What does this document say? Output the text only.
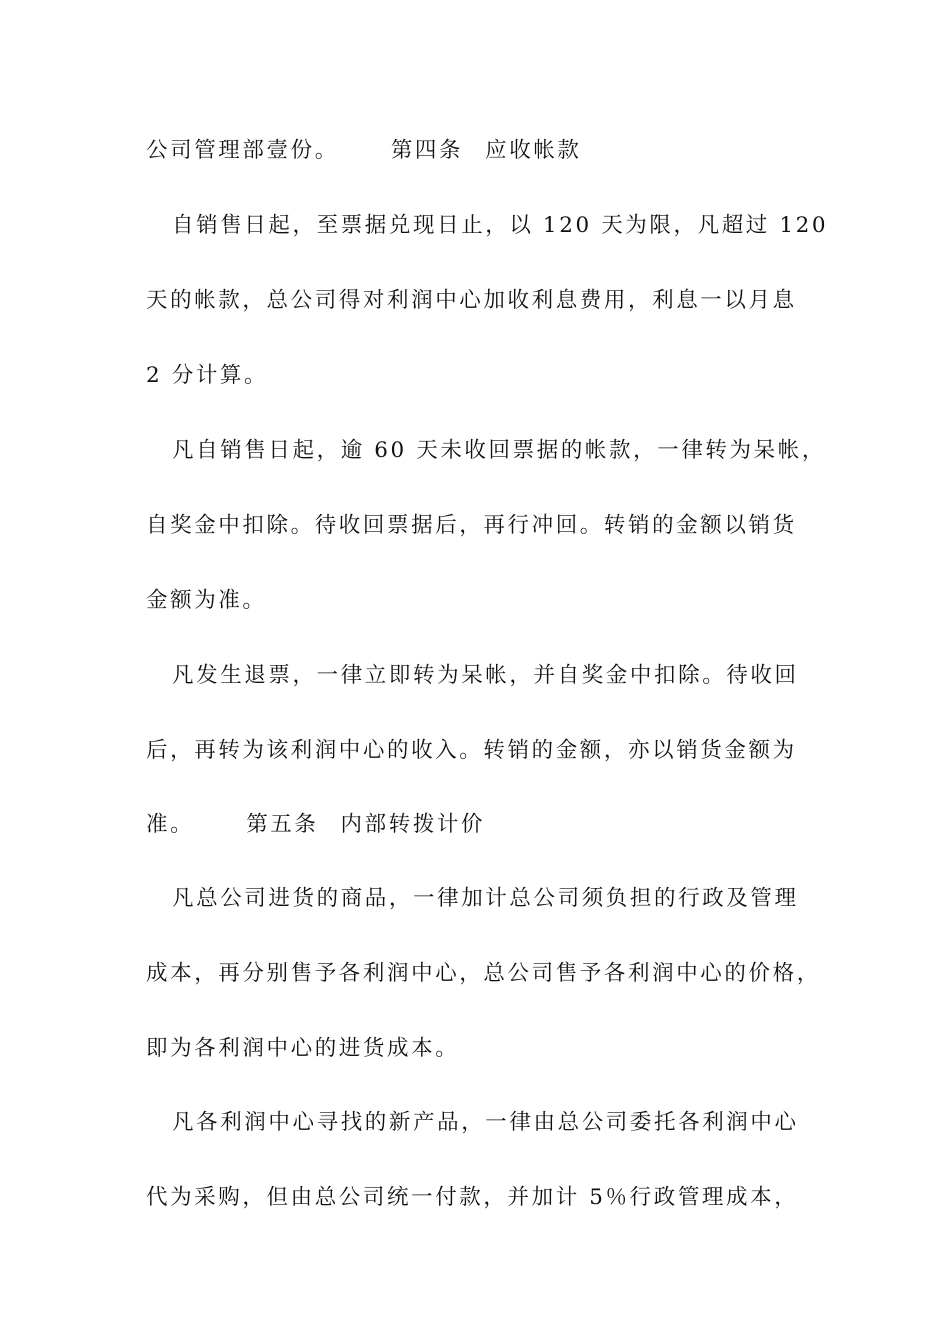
公司管理部壹份。 第四条 应收帐款
自销售日起，至票据兑现日止，以 120 天为限，凡超过 120
天的帐款，总公司得对利润中心加收利息费用，利息一以月息
2 分计算。
凡自销售日起，逾 60 天未收回票据的帐款，一律转为呆帐，
自奖金中扣除。待收回票据后，再行冲回。转销的金额以销货
金额为准。
凡发生退票，一律立即转为呆帐，并自奖金中扣除。待收回
后，再转为该利润中心的收入。转销的金额，亦以销货金额为
准。 第五条 内部转拨计价
凡总公司进货的商品，一律加计总公司须负担的行政及管理
成本，再分别售予各利润中心，总公司售予各利润中心的价格，
即为各利润中心的进货成本。
凡各利润中心寻找的新产品，一律由总公司委托各利润中心
代为采购，但由总公司统一付款，并加计 5％行政管理成本，
